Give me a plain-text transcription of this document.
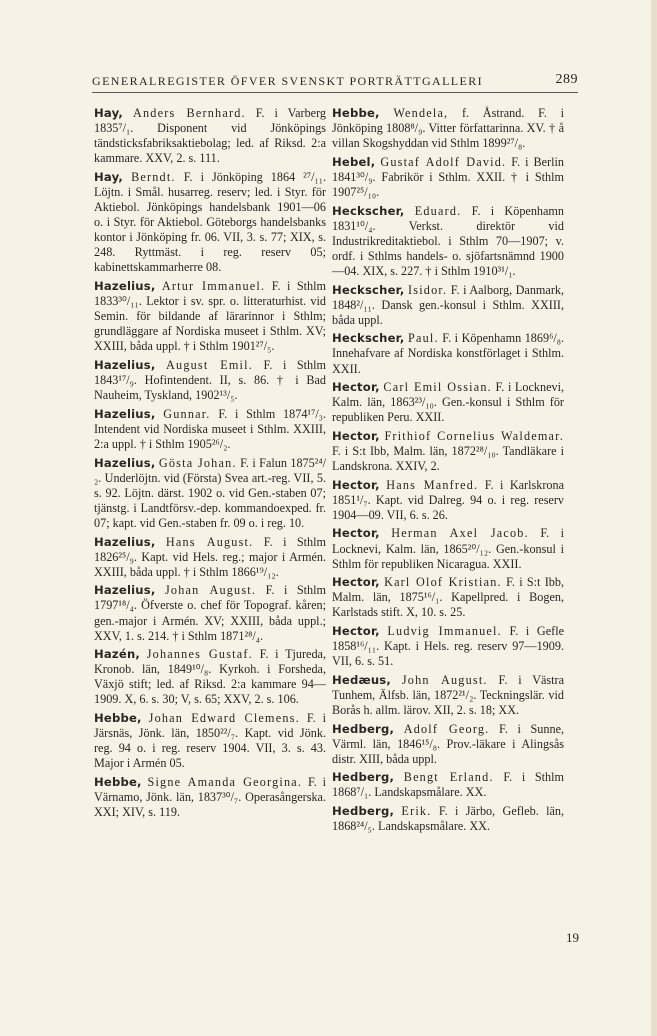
GENERALREGISTER ÖFVER SVENSKT PORTRÄTTGALLERI	289

Hay, Anders Bernhard. F. i Varberg 1835⁷/₁. Disponent vid Jönköpings tändsticksfabriksaktiebolag; led. af Riksd. 2:a kammare. XXV, 2. s. 111.

Hay, Berndt. F. i Jönköping 1864 ²⁷/₁₁. Löjtn. i Smål. husarreg. reserv; led. i Styr. för Aktiebol. Jönköpings handelsbank 1901—06 o. i Styr. för Aktiebol. Göteborgs handelsbanks kontor i Jönköping fr. 06. VII, 3. s. 77; XIX, s. 248. Ryttmäst. i reg. reserv 05; kabinettskammarherre 08.

Hazelius, Artur Immanuel. F. i Sthlm 1833³⁰/₁₁. Lektor i sv. spr. o. litteraturhist. vid Semin. för bildande af lärarinnor i Sthlm; grundläggare af Nordiska museet i Sthlm. XV; XXIII, båda uppl. † i Sthlm 1901²⁷/₅.

Hazelius, August Emil. F. i Sthlm 1843¹⁷/₉. Hofintendent. II, s. 86. † i Bad Nauheim, Tyskland, 1902¹³/₅.

Hazelius, Gunnar. F. i Sthlm 1874¹⁷/₃. Intendent vid Nordiska museet i Sthlm. XXIII, 2:a uppl. † i Sthlm 1905²⁶/₂.

Hazelius, Gösta Johan. F. i Falun 1875²⁴/₂. Underlöjtn. vid (Första) Svea art.-reg. VII, 5. s. 92. Löjtn. därst. 1902 o. vid Gen.-staben 07; tjänstg. i Landtförsv.-dep. kommandoexped. fr. 07; kapt. vid Gen.-staben fr. 09 o. i reg. 10.

Hazelius, Hans August. F. i Sthlm 1826²⁵/₉. Kapt. vid Hels. reg.; major i Armén. XXIII, båda uppl. † i Sthlm 1866¹⁹/₁₂.

Hazelius, Johan August. F. i Sthlm 1797¹⁸/₄. Öfverste o. chef för Topograf. kåren; gen.-major i Armén. XV; XXIII, båda uppl.; XXV, 1. s. 214. † i Sthlm 1871²⁸/₄.

Hazén, Johannes Gustaf. F. i Tjureda, Kronob. län, 1849¹⁰/₈. Kyrkoh. i Forsheda, Växjö stift; led. af Riksd. 2:a kammare 94—1909. X, 6. s. 30; V, s. 65; XXV, 2. s. 106.

Hebbe, Johan Edward Clemens. F. i Järsnäs, Jönk. län, 1850²²/₇. Kapt. vid Jönk. reg. 94 o. i reg. reserv 1904. VII, 3. s. 43. Major i Armén 05.

Hebbe, Signe Amanda Georgina. F. i Värnamo, Jönk. län, 1837³⁰/₇. Operasångerska. XXI; XIV, s. 119.

Hebbe, Wendela, f. Åstrand. F. i Jönköping 1808⁸/₉. Vitter författarinna. XV. † å villan Skogshyddan vid Sthlm 1899²⁷/₈.

Hebel, Gustaf Adolf David. F. i Berlin 1841³⁰/₉. Fabrikör i Sthlm. XXII. † i Sthlm 1907²⁵/₁₀.

Heckscher, Eduard. F. i Köpenhamn 1831¹⁰/₄. Verkst. direktör vid Industrikreditaktiebol. i Sthlm 70—1907; v. ordf. i Sthlms handels- o. sjöfartsnämnd 1900—04. XIX, s. 227. † i Sthlm 1910³¹/₁.

Heckscher, Isidor. F. i Aalborg, Danmark, 1848²/₁₁. Dansk gen.-konsul i Sthlm. XXIII, båda uppl.

Heckscher, Paul. F. i Köpenhamn 1869⁶/₈. Innehafvare af Nordiska konstförlaget i Sthlm. XXII.

Hector, Carl Emil Ossian. F. i Locknevi, Kalm. län, 1863²³/₁₀. Gen.-konsul i Sthlm för republiken Peru. XXII.

Hector, Frithiof Cornelius Waldemar. F. i S:t Ibb, Malm. län, 1872²⁸/₁₀. Tandläkare i Landskrona. XXIV, 2.

Hector, Hans Manfred. F. i Karlskrona 1851¹/₇. Kapt. vid Dalreg. 94 o. i reg. reserv 1904—09. VII, 6. s. 26.

Hector, Herman Axel Jacob. F. i Locknevi, Kalm. län, 1865²⁰/₁₂. Gen.-konsul i Sthlm för republiken Nicaragua. XXII.

Hector, Karl Olof Kristian. F. i S:t Ibb, Malm. län, 1875¹⁶/₁. Kapellpred. i Bogen, Karlstads stift. X, 10. s. 25.

Hector, Ludvig Immanuel. F. i Gefle 1858¹⁶/₁₁. Kapt. i Hels. reg. reserv 97—1909. VII, 6. s. 51.

Hedæus, John August. F. i Västra Tunhem, Älfsb. län, 1872²¹/₂. Teckningslär. vid Borås h. allm. lärov. XII, 2. s. 18; XX.

Hedberg, Adolf Georg. F. i Sunne, Värml. län, 1846¹⁵/₈. Prov.-läkare i Alingsås distr. XIII, båda uppl.

Hedberg, Bengt Erland. F. i Sthlm 1868⁷/₁. Landskapsmålare. XX.

Hedberg, Erik. F. i Järbo, Gefleb. län, 1868²⁴/₅. Landskapsmålare. XX.

19
